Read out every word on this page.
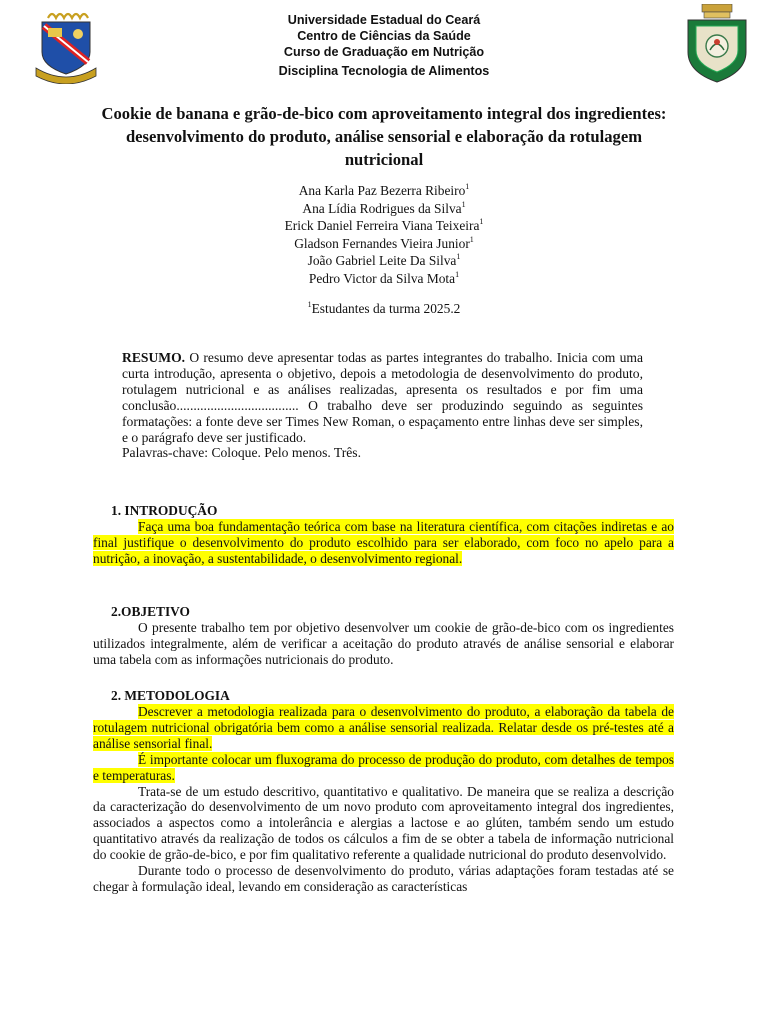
Universidade Estadual do Ceará
Centro de Ciências da Saúde
Curso de Graduação em Nutrição
Disciplina Tecnologia de Alimentos
Cookie de banana e grão-de-bico com aproveitamento integral dos ingredientes: desenvolvimento do produto, análise sensorial e elaboração da rotulagem nutricional
Ana Karla Paz Bezerra Ribeiro$^1$
Ana Lídia Rodrigues da Silva$^1$
Erick Daniel Ferreira Viana Teixeira$^1$
Gladson Fernandes Vieira Junior$^1$
João Gabriel Leite Da Silva$^1$
Pedro Victor da Silva Mota$^1$
$^1$Estudantes da turma 2025.2

RESUMO. O resumo deve apresentar todas as partes integrantes do trabalho. Inicia com uma curta introdução, apresenta o objetivo, depois a metodologia de desenvolvimento do produto, rotulagem nutricional e as análises realizadas, apresenta os resultados e por fim uma conclusão.................................... O trabalho deve ser produzindo seguindo as seguintes formatações: a fonte deve ser Times New Roman, o espaçamento entre linhas deve ser simples, e o parágrafo deve ser justificado.

Palavras-chave: Coloque. Pelo menos. Três.

1. INTRODUÇÃO

Faça uma boa fundamentação teórica com base na literatura científica, com citações indiretas e ao final justifique o desenvolvimento do produto escolhido para ser elaborado, com foco no apelo para a nutrição, a inovação, a sustentabilidade, o desenvolvimento regional.

2.OBJETIVO

O presente trabalho tem por objetivo desenvolver um cookie de grão-de-bico com os ingredientes utilizados integralmente, além de verificar a aceitação do produto através de análise sensorial e elaborar uma tabela com as informações nutricionais do produto.

2. METODOLOGIA

Descrever a metodologia realizada para o desenvolvimento do produto, a elaboração da tabela de rotulagem nutricional obrigatória bem como a análise sensorial realizada. Relatar desde os pré-testes até a análise sensorial final.

É importante colocar um fluxograma do processo de produção do produto, com detalhes de tempos e temperaturas.

Trata-se de um estudo descritivo, quantitativo e qualitativo. De maneira que se realiza a descrição da caracterização do desenvolvimento de um novo produto com aproveitamento integral dos ingredientes, associados a aspectos como a intolerância e alergias a lactose e ao glúten, também sendo um estudo quantitativo através da realização de todos os cálculos a fim de se obter a tabela de informação nutricional do cookie de grão-de-bico, e por fim qualitativo referente a qualidade nutricional do produto desenvolvido.

Durante todo o processo de desenvolvimento do produto, várias adaptações foram testadas até se chegar à formulação ideal, levando em consideração as características
